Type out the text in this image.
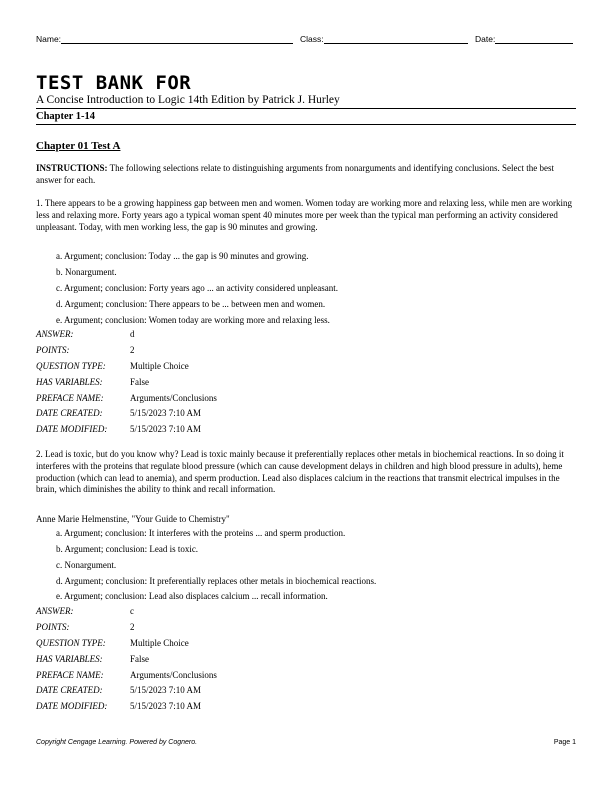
Name:	Class:	Date:
TEST BANK FOR
A Concise Introduction to Logic 14th Edition by Patrick J. Hurley
Chapter 1-14
Chapter 01 Test A
INSTRUCTIONS: The following selections relate to distinguishing arguments from nonarguments and identifying conclusions. Select the best answer for each.
1. There appears to be a growing happiness gap between men and women. Women today are working more and relaxing less, while men are working less and relaxing more. Forty years ago a typical woman spent 40 minutes more per week than the typical man performing an activity considered unpleasant. Today, with men working less, the gap is 90 minutes and growing.
a. Argument; conclusion: Today ... the gap is 90 minutes and growing.
b. Nonargument.
c. Argument; conclusion: Forty years ago ... an activity considered unpleasant.
d. Argument; conclusion: There appears to be ... between men and women.
e. Argument; conclusion: Women today are working more and relaxing less.
ANSWER:	d
POINTS:	2
QUESTION TYPE:	Multiple Choice
HAS VARIABLES:	False
PREFACE NAME:	Arguments/Conclusions
DATE CREATED:	5/15/2023 7:10 AM
DATE MODIFIED:	5/15/2023 7:10 AM
2. Lead is toxic, but do you know why? Lead is toxic mainly because it preferentially replaces other metals in biochemical reactions. In so doing it interferes with the proteins that regulate blood pressure (which can cause development delays in children and high blood pressure in adults), heme production (which can lead to anemia), and sperm production. Lead also displaces calcium in the reactions that transmit electrical impulses in the brain, which diminishes the ability to think and recall information.
Anne Marie Helmenstine, "Your Guide to Chemistry"
a. Argument; conclusion: It interferes with the proteins ... and sperm production.
b. Argument; conclusion: Lead is toxic.
c. Nonargument.
d. Argument; conclusion: It preferentially replaces other metals in biochemical reactions.
e. Argument; conclusion: Lead also displaces calcium ... recall information.
ANSWER:	c
POINTS:	2
QUESTION TYPE:	Multiple Choice
HAS VARIABLES:	False
PREFACE NAME:	Arguments/Conclusions
DATE CREATED:	5/15/2023 7:10 AM
DATE MODIFIED:	5/15/2023 7:10 AM
Copyright Cengage Learning. Powered by Cognero.	Page 1
